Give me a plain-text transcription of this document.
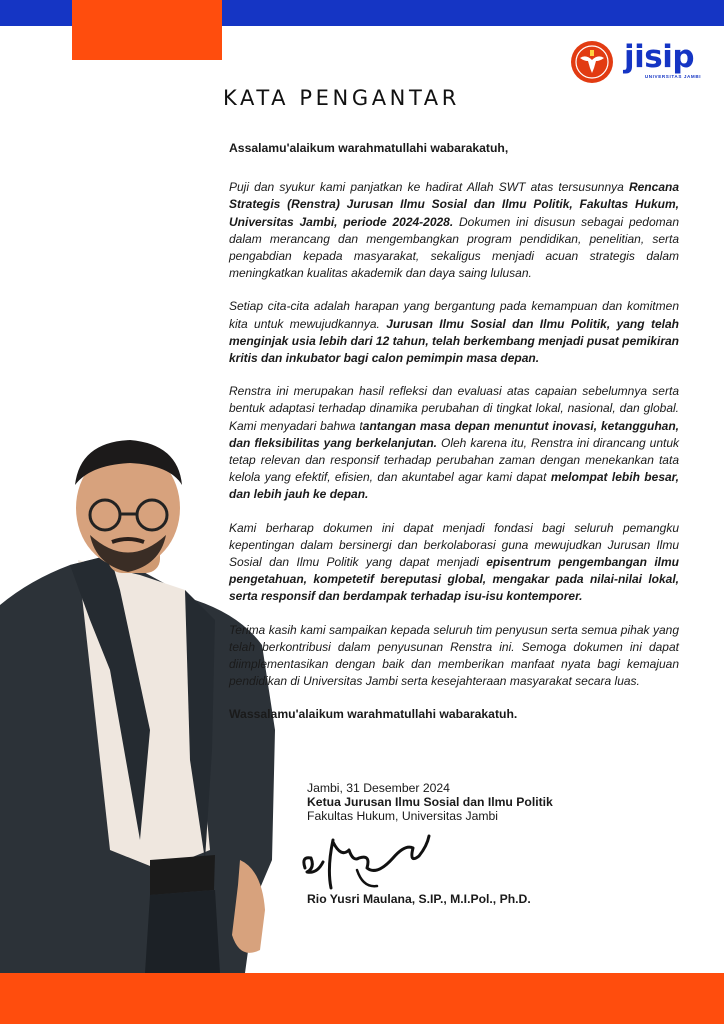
jisip
UNIVERSITAS JAMBI
KATA PENGANTAR

Assalamu'alaikum warahmatullahi wabarakatuh,

Puji dan syukur kami panjatkan ke hadirat Allah SWT atas tersusunnya Rencana Strategis (Renstra) Jurusan Ilmu Sosial dan Ilmu Politik, Fakultas Hukum, Universitas Jambi, periode 2024-2028. Dokumen ini disusun sebagai pedoman dalam merancang dan mengembangkan program pendidikan, penelitian, serta pengabdian kepada masyarakat, sekaligus menjadi acuan strategis dalam meningkatkan kualitas akademik dan daya saing lulusan.

Setiap cita-cita adalah harapan yang bergantung pada kemampuan dan komitmen kita untuk mewujudkannya. Jurusan Ilmu Sosial dan Ilmu Politik, yang telah menginjak usia lebih dari 12 tahun, telah berkembang menjadi pusat pemikiran kritis dan inkubator bagi calon pemimpin masa depan.

Renstra ini merupakan hasil refleksi dan evaluasi atas capaian sebelumnya serta bentuk adaptasi terhadap dinamika perubahan di tingkat lokal, nasional, dan global. Kami menyadari bahwa tantangan masa depan menuntut inovasi, ketangguhan, dan fleksibilitas yang berkelanjutan. Oleh karena itu, Renstra ini dirancang untuk tetap relevan dan responsif terhadap perubahan zaman dengan menekankan tata kelola yang efektif, efisien, dan akuntabel agar kami dapat melompat lebih besar, dan lebih jauh ke depan.

Kami berharap dokumen ini dapat menjadi fondasi bagi seluruh pemangku kepentingan dalam bersinergi dan berkolaborasi guna mewujudkan Jurusan Ilmu Sosial dan Ilmu Politik yang dapat menjadi episentrum pengembangan ilmu pengetahuan, kompetetif bereputasi global, mengakar pada nilai-nilai lokal, serta responsif dan berdampak terhadap isu-isu kontemporer.

Terima kasih kami sampaikan kepada seluruh tim penyusun serta semua pihak yang telah berkontribusi dalam penyusunan Renstra ini. Semoga dokumen ini dapat diimplementasikan dengan baik dan memberikan manfaat nyata bagi kemajuan pendidikan di Universitas Jambi serta kesejahteraan masyarakat secara luas.

Wassalamu'alaikum warahmatullahi wabarakatuh.

Jambi, 31 Desember 2024
Ketua Jurusan Ilmu Sosial dan Ilmu Politik
Fakultas Hukum, Universitas Jambi
Rio Yusri Maulana, S.IP., M.I.Pol., Ph.D.
